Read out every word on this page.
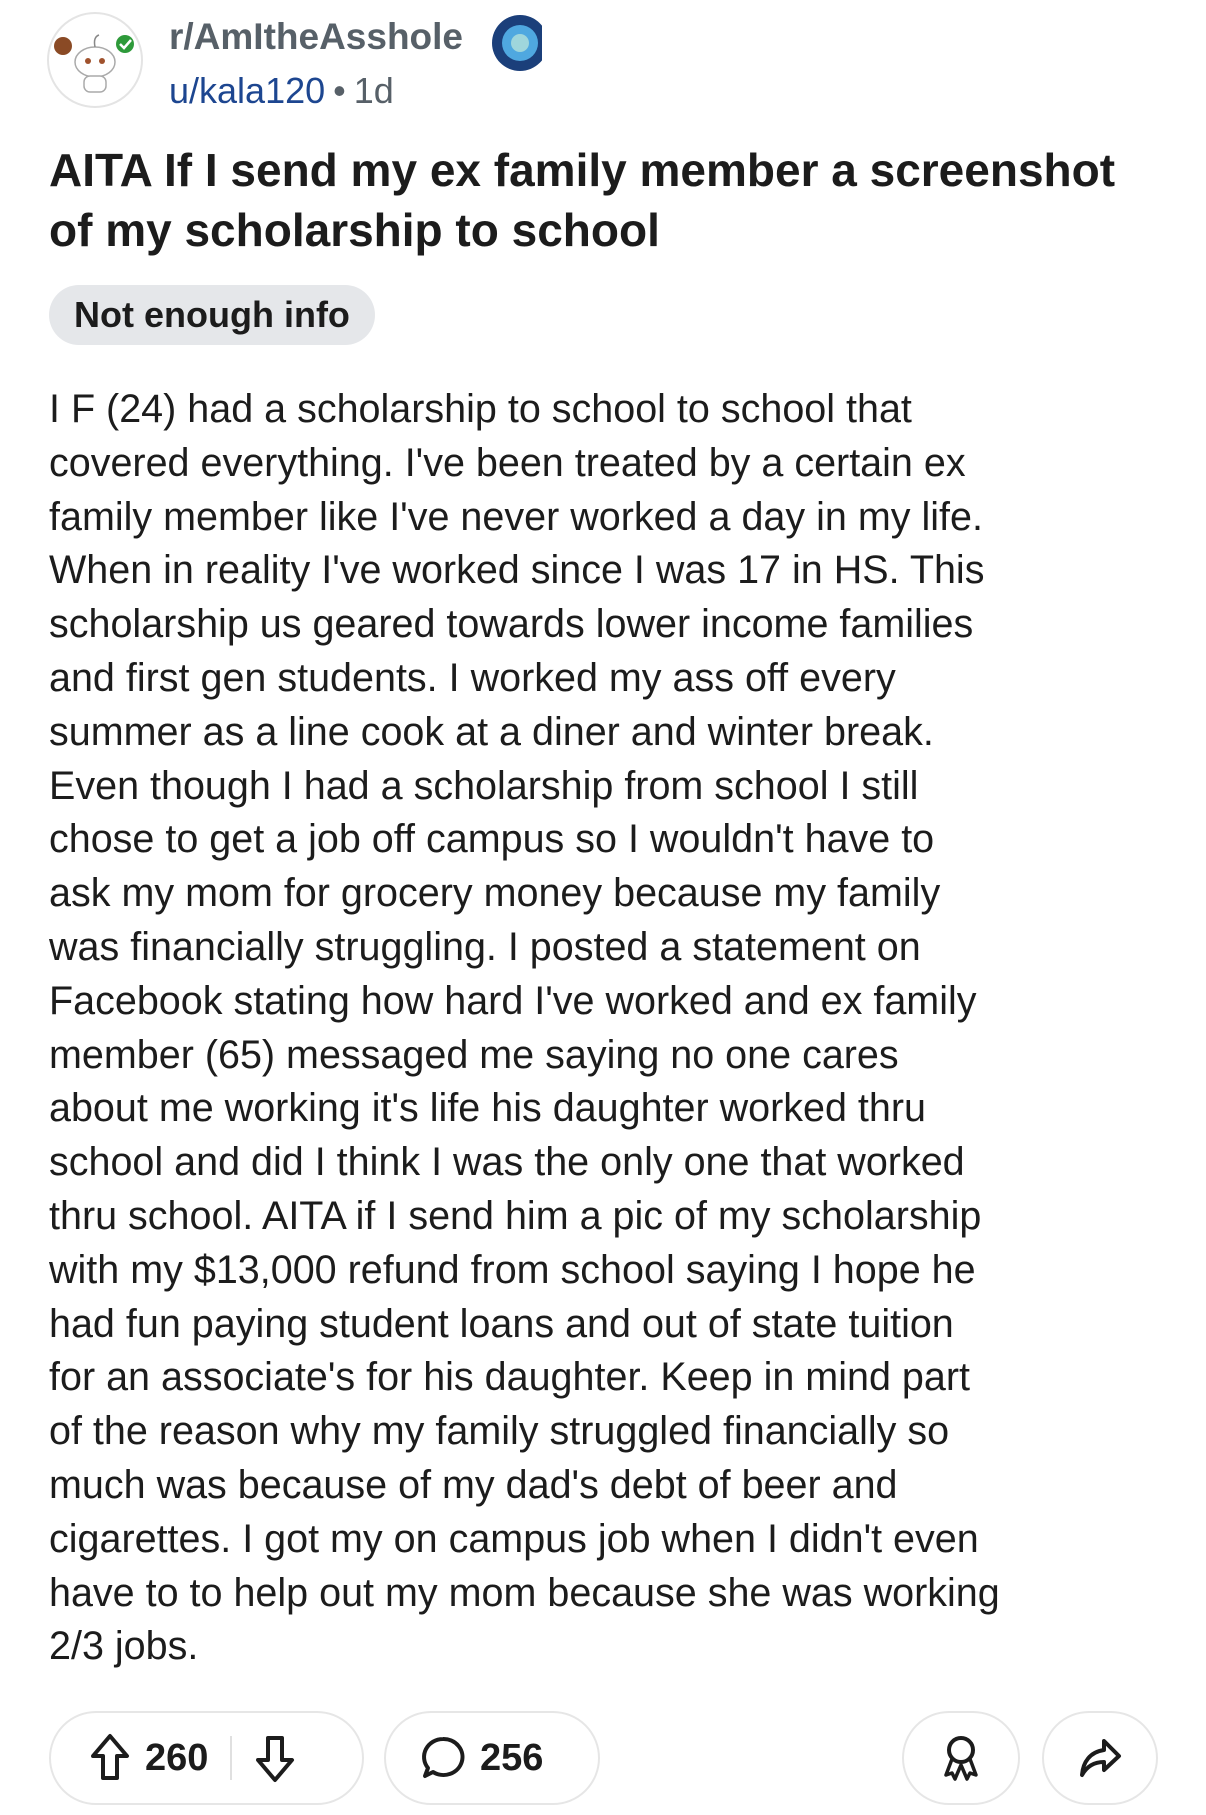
r/AmItheAsshole
u/kala120 • 1d
AITA If I send my ex family member a screenshot of my scholarship to school
Not enough info
I F (24) had a scholarship to school to school that
covered everything. I've been treated by a certain ex
family member like I've never worked a day in my life.
When in reality I've worked since I was 17 in HS. This
scholarship us geared towards lower income families
and first gen students. I worked my ass off every
summer as a line cook at a diner and winter break.
Even though I had a scholarship from school I still
chose to get a job off campus so I wouldn't have to
ask my mom for grocery money because my family
was financially struggling. I posted a statement on
Facebook stating how hard I've worked and ex family
member (65) messaged me saying no one cares
about me working it's life his daughter worked thru
school and did I think I was the only one that worked
thru school. AITA if I send him a pic of my scholarship
with my $13,000 refund from school saying I hope he
had fun paying student loans and out of state tuition
for an associate's for his daughter. Keep in mind part
of the reason why my family struggled financially so
much was because of my dad's debt of beer and
cigarettes. I got my on campus job when I didn't even
have to to help out my mom because she was working
2/3 jobs.
260	256
